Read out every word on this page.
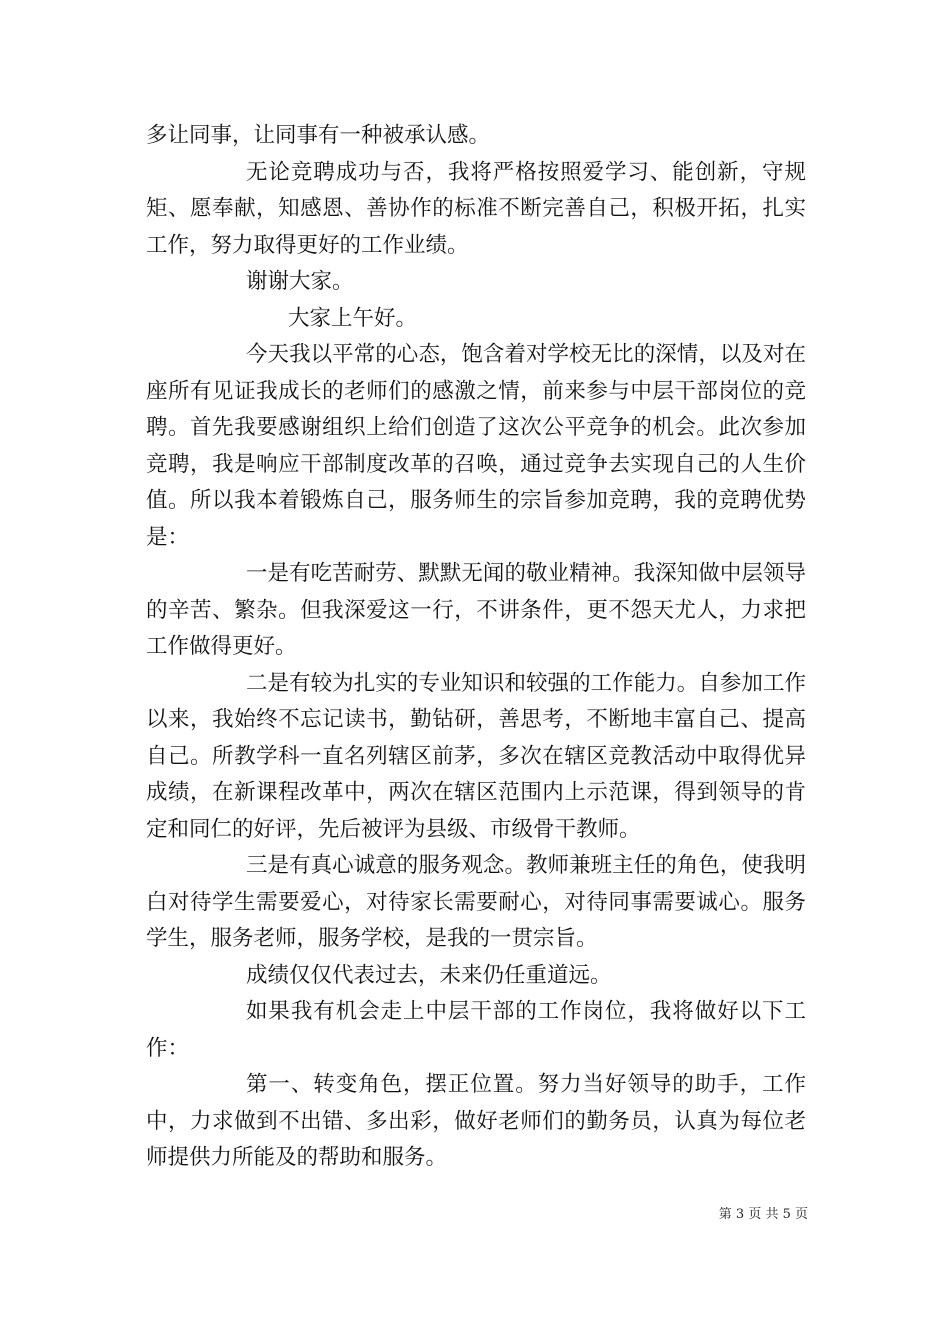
多让同事，让同事有一种被承认感。

无论竞聘成功与否，我将严格按照爱学习、能创新，守规矩、愿奉献，知感恩、善协作的标准不断完善自己，积极开拓，扎实工作，努力取得更好的工作业绩。

谢谢大家。

大家上午好。

今天我以平常的心态，饱含着对学校无比的深情，以及对在座所有见证我成长的老师们的感激之情，前来参与中层干部岗位的竞聘。首先我要感谢组织上给们创造了这次公平竞争的机会。此次参加竞聘，我是响应干部制度改革的召唤，通过竞争去实现自己的人生价值。所以我本着锻炼自己，服务师生的宗旨参加竞聘，我的竞聘优势是：

一是有吃苦耐劳、默默无闻的敬业精神。我深知做中层领导的辛苦、繁杂。但我深爱这一行，不讲条件，更不怨天尤人，力求把工作做得更好。

二是有较为扎实的专业知识和较强的工作能力。自参加工作以来，我始终不忘记读书，勤钻研，善思考，不断地丰富自己、提高自己。所教学科一直名列辖区前茅，多次在辖区竞教活动中取得优异成绩，在新课程改革中，两次在辖区范围内上示范课，得到领导的肯定和同仁的好评，先后被评为县级、市级骨干教师。

三是有真心诚意的服务观念。教师兼班主任的角色，使我明白对待学生需要爱心，对待家长需要耐心，对待同事需要诚心。服务学生，服务老师，服务学校，是我的一贯宗旨。

成绩仅仅代表过去，未来仍任重道远。

如果我有机会走上中层干部的工作岗位，我将做好以下工作：

第一、转变角色，摆正位置。努力当好领导的助手，工作中，力求做到不出错、多出彩，做好老师们的勤务员，认真为每位老师提供力所能及的帮助和服务。

第 3 页 共 5 页
